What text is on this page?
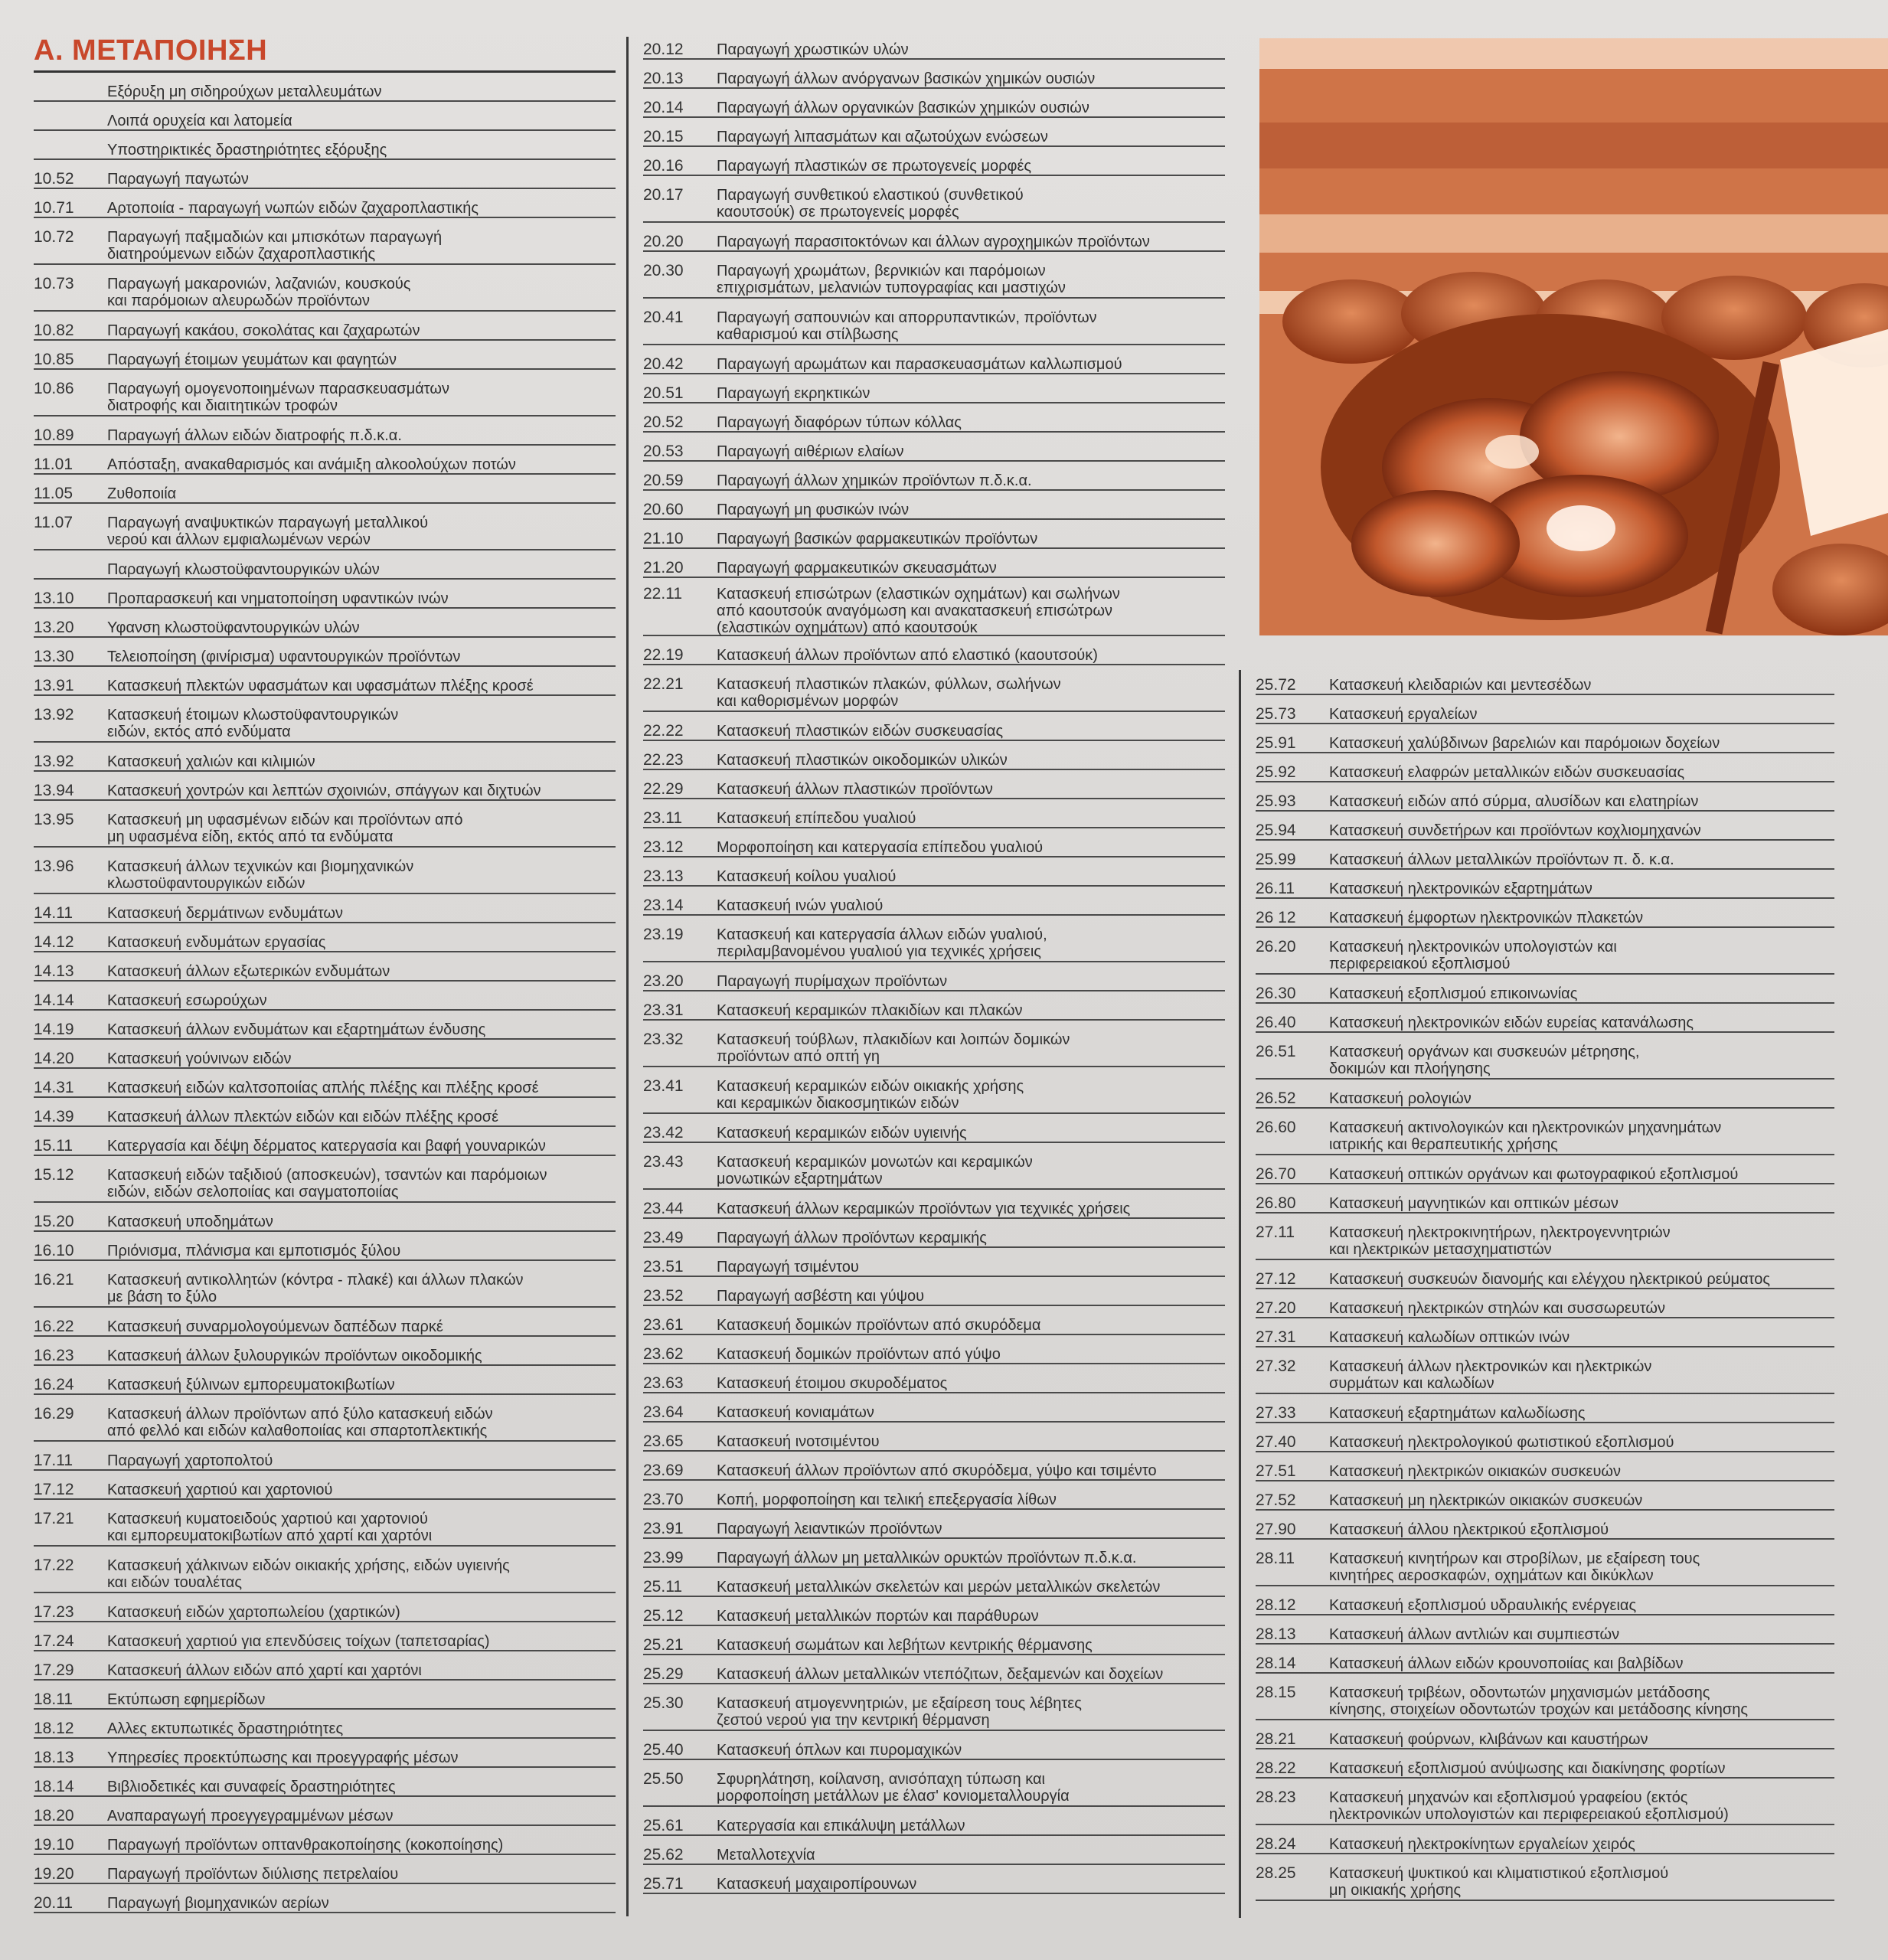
Α. ΜΕΤΑΠΟΙΗΣΗ
Εξόρυξη μη σιδηρούχων μεταλλευμάτων
Λοιπά ορυχεία και λατομεία
Υποστηρικτικές δραστηριότητες εξόρυξης
10.52	Παραγωγή παγωτών
10.71	Αρτοποιία - παραγωγή νωπών ειδών ζαχαροπλαστικής
10.72	Παραγωγή παξιμαδιών και μπισκότων παραγωγή
διατηρούμενων ειδών ζαχαροπλαστικής
10.73	Παραγωγή μακαρονιών, λαζανιών, κουσκούς
και παρόμοιων αλευρωδών προϊόντων
10.82	Παραγωγή κακάου, σοκολάτας και ζαχαρωτών
10.85	Παραγωγή έτοιμων γευμάτων και φαγητών
10.86	Παραγωγή ομογενοποιημένων παρασκευασμάτων
διατροφής και διαιτητικών τροφών
10.89	Παραγωγή άλλων ειδών διατροφής π.δ.κ.α.
11.01	Απόσταξη, ανακαθαρισμός και ανάμιξη αλκοολούχων ποτών
11.05	Ζυθοποιία
11.07	Παραγωγή αναψυκτικών παραγωγή μεταλλικού
νερού και άλλων εμφιαλωμένων νερών
Παραγωγή κλωστοϋφαντουργικών υλών
13.10	Προπαρασκευή και νηματοποίηση υφαντικών ινών
13.20	Υφανση κλωστοϋφαντουργικών υλών
13.30	Τελειοποίηση (φινίρισμα) υφαντουργικών προϊόντων
13.91	Κατασκευή πλεκτών υφασμάτων και υφασμάτων πλέξης κροσέ
13.92	Κατασκευή έτοιμων κλωστοϋφαντουργικών
ειδών, εκτός από ενδύματα
13.92	Κατασκευή χαλιών και κιλιμιών
13.94	Κατασκευή χοντρών και λεπτών σχοινιών, σπάγγων και διχτυών
13.95	Κατασκευή μη υφασμένων ειδών και προϊόντων από
μη υφασμένα είδη, εκτός από τα ενδύματα
13.96	Κατασκευή άλλων τεχνικών και βιομηχανικών
κλωστοϋφαντουργικών ειδών
14.11	Κατασκευή δερμάτινων ενδυμάτων
14.12	Κατασκευή ενδυμάτων εργασίας
14.13	Κατασκευή άλλων εξωτερικών ενδυμάτων
14.14	Κατασκευή εσωρούχων
14.19	Κατασκευή άλλων ενδυμάτων και εξαρτημάτων ένδυσης
14.20	Κατασκευή γούνινων ειδών
14.31	Κατασκευή ειδών καλτσοποιίας απλής πλέξης και πλέξης κροσέ
14.39	Κατασκευή άλλων πλεκτών ειδών και ειδών πλέξης κροσέ
15.11	Κατεργασία και δέψη δέρματος κατεργασία και βαφή γουναρικών
15.12	Κατασκευή ειδών ταξιδιού (αποσκευών), τσαντών και παρόμοιων
ειδών, ειδών σελοποιίας και σαγματοποιίας
15.20	Κατασκευή υποδημάτων
16.10	Πριόνισμα, πλάνισμα και εμποτισμός ξύλου
16.21	Κατασκευή αντικολλητών (κόντρα - πλακέ) και άλλων πλακών
με βάση το ξύλο
16.22	Κατασκευή συναρμολογούμενων δαπέδων παρκέ
16.23	Κατασκευή άλλων ξυλουργικών προϊόντων οικοδομικής
16.24	Κατασκευή ξύλινων εμπορευματοκιβωτίων
16.29	Κατασκευή άλλων προϊόντων από ξύλο κατασκευή ειδών
από φελλό και ειδών καλαθοποιίας και σπαρτοπλεκτικής
17.11	Παραγωγή χαρτοπολτού
17.12	Κατασκευή χαρτιού και χαρτονιού
17.21	Κατασκευή κυματοειδούς χαρτιού και χαρτονιού
και εμπορευματοκιβωτίων από χαρτί και χαρτόνι
17.22	Κατασκευή χάλκινων ειδών οικιακής χρήσης, ειδών υγιεινής
και ειδών τουαλέτας
17.23	Κατασκευή ειδών χαρτοπωλείου (χαρτικών)
17.24	Κατασκευή χαρτιού για επενδύσεις τοίχων (ταπετσαρίας)
17.29	Κατασκευή άλλων ειδών από χαρτί και χαρτόνι
18.11	Εκτύπωση εφημερίδων
18.12	Αλλες εκτυπωτικές δραστηριότητες
18.13	Υπηρεσίες προεκτύπωσης και προεγγραφής μέσων
18.14	Βιβλιοδετικές και συναφείς δραστηριότητες
18.20	Αναπαραγωγή προεγγεγραμμένων μέσων
19.10	Παραγωγή προϊόντων οπτανθρακοποίησης (κοκοποίησης)
19.20	Παραγωγή προϊόντων διύλισης πετρελαίου
20.11	Παραγωγή βιομηχανικών αερίων
20.12	Παραγωγή χρωστικών υλών
20.13	Παραγωγή άλλων ανόργανων βασικών χημικών ουσιών
20.14	Παραγωγή άλλων οργανικών βασικών χημικών ουσιών
20.15	Παραγωγή λιπασμάτων και αζωτούχων ενώσεων
20.16	Παραγωγή πλαστικών σε πρωτογενείς μορφές
20.17	Παραγωγή συνθετικού ελαστικού (συνθετικού
καουτσούκ) σε πρωτογενείς μορφές
20.20	Παραγωγή παρασιτοκτόνων και άλλων αγροχημικών προϊόντων
20.30	Παραγωγή χρωμάτων, βερνικιών και παρόμοιων
επιχρισμάτων, μελανιών τυπογραφίας και μαστιχών
20.41	Παραγωγή σαπουνιών και απορρυπαντικών, προϊόντων
καθαρισμού και στίλβωσης
20.42	Παραγωγή αρωμάτων και παρασκευασμάτων καλλωπισμού
20.51	Παραγωγή εκρηκτικών
20.52	Παραγωγή διαφόρων τύπων κόλλας
20.53	Παραγωγή αιθέριων ελαίων
20.59	Παραγωγή άλλων χημικών προϊόντων π.δ.κ.α.
20.60	Παραγωγή μη φυσικών ινών
21.10	Παραγωγή βασικών φαρμακευτικών προϊόντων
21.20	Παραγωγή φαρμακευτικών σκευασμάτων
22.11	Κατασκευή επισώτρων (ελαστικών οχημάτων) και σωλήνων
από καουτσούκ αναγόμωση και ανακατασκευή επισώτρων
(ελαστικών οχημάτων) από καουτσούκ
22.19	Κατασκευή άλλων προϊόντων από ελαστικό (καουτσούκ)
22.21	Κατασκευή πλαστικών πλακών, φύλλων, σωλήνων
και καθορισμένων μορφών
22.22	Κατασκευή πλαστικών ειδών συσκευασίας
22.23	Κατασκευή πλαστικών οικοδομικών υλικών
22.29	Κατασκευή άλλων πλαστικών προϊόντων
23.11	Κατασκευή επίπεδου γυαλιού
23.12	Μορφοποίηση και κατεργασία επίπεδου γυαλιού
23.13	Κατασκευή κοίλου γυαλιού
23.14	Κατασκευή ινών γυαλιού
23.19	Κατασκευή και κατεργασία άλλων ειδών γυαλιού,
περιλαμβανομένου γυαλιού για τεχνικές χρήσεις
23.20	Παραγωγή πυρίμαχων προϊόντων
23.31	Κατασκευή κεραμικών πλακιδίων και πλακών
23.32	Κατασκευή τούβλων, πλακιδίων και λοιπών δομικών
προϊόντων από οπτή γη
23.41	Κατασκευή κεραμικών ειδών οικιακής χρήσης
και κεραμικών διακοσμητικών ειδών
23.42	Κατασκευή κεραμικών ειδών υγιεινής
23.43	Κατασκευή κεραμικών μονωτών και κεραμικών
μονωτικών εξαρτημάτων
23.44	Κατασκευή άλλων κεραμικών προϊόντων για τεχνικές χρήσεις
23.49	Παραγωγή άλλων προϊόντων κεραμικής
23.51	Παραγωγή τσιμέντου
23.52	Παραγωγή ασβέστη και γύψου
23.61	Κατασκευή δομικών προϊόντων από σκυρόδεμα
23.62	Κατασκευή δομικών προϊόντων από γύψο
23.63	Κατασκευή έτοιμου σκυροδέματος
23.64	Κατασκευή κονιαμάτων
23.65	Κατασκευή ινοτσιμέντου
23.69	Κατασκευή άλλων προϊόντων από σκυρόδεμα, γύψο και τσιμέντο
23.70	Κοπή, μορφοποίηση και τελική επεξεργασία λίθων
23.91	Παραγωγή λειαντικών προϊόντων
23.99	Παραγωγή άλλων μη μεταλλικών ορυκτών προϊόντων π.δ.κ.α.
25.11	Κατασκευή μεταλλικών σκελετών και μερών μεταλλικών σκελετών
25.12	Κατασκευή μεταλλικών πορτών και παράθυρων
25.21	Κατασκευή σωμάτων και λεβήτων κεντρικής θέρμανσης
25.29	Κατασκευή άλλων μεταλλικών ντεπόζιτων, δεξαμενών και δοχείων
25.30	Κατασκευή ατμογεννητριών, με εξαίρεση τους λέβητες
ζεστού νερού για την κεντρική θέρμανση
25.40	Κατασκευή όπλων και πυρομαχικών
25.50	Σφυρηλάτηση, κοίλανση, ανισόπαχη τύπωση και
μορφοποίηση μετάλλων με έλασ' κονιομεταλλουργία
25.61	Κατεργασία και επικάλυψη μετάλλων
25.62	Μεταλλοτεχνία
25.71	Κατασκευή μαχαιροπίρουνων
25.72	Κατασκευή κλειδαριών και μεντεσέδων
25.73	Κατασκευή εργαλείων
25.91	Κατασκευή χαλύβδινων βαρελιών και παρόμοιων δοχείων
25.92	Κατασκευή ελαφρών μεταλλικών ειδών συσκευασίας
25.93	Κατασκευή ειδών από σύρμα, αλυσίδων και ελατηρίων
25.94	Κατασκευή συνδετήρων και προϊόντων κοχλιομηχανών
25.99	Κατασκευή άλλων μεταλλικών προϊόντων π. δ. κ.α.
26.11	Κατασκευή ηλεκτρονικών εξαρτημάτων
26 12	Κατασκευή έμφορτων ηλεκτρονικών πλακετών
26.20	Κατασκευή ηλεκτρονικών υπολογιστών και
περιφερειακού εξοπλισμού
26.30	Κατασκευή εξοπλισμού επικοινωνίας
26.40	Κατασκευή ηλεκτρονικών ειδών ευρείας κατανάλωσης
26.51	Κατασκευή οργάνων και συσκευών μέτρησης,
δοκιμών και πλοήγησης
26.52	Κατασκευή ρολογιών
26.60	Κατασκευή ακτινολογικών και ηλεκτρονικών μηχανημάτων
ιατρικής και θεραπευτικής χρήσης
26.70	Κατασκευή οπτικών οργάνων και φωτογραφικού εξοπλισμού
26.80	Κατασκευή μαγνητικών και οπτικών μέσων
27.11	Κατασκευή ηλεκτροκινητήρων, ηλεκτρογεννητριών
και ηλεκτρικών μετασχηματιστών
27.12	Κατασκευή συσκευών διανομής και ελέγχου ηλεκτρικού ρεύματος
27.20	Κατασκευή ηλεκτρικών στηλών και συσσωρευτών
27.31	Κατασκευή καλωδίων οπτικών ινών
27.32	Κατασκευή άλλων ηλεκτρονικών και ηλεκτρικών
συρμάτων και καλωδίων
27.33	Κατασκευή εξαρτημάτων καλωδίωσης
27.40	Κατασκευή ηλεκτρολογικού φωτιστικού εξοπλισμού
27.51	Κατασκευή ηλεκτρικών οικιακών συσκευών
27.52	Κατασκευή μη ηλεκτρικών οικιακών συσκευών
27.90	Κατασκευή άλλου ηλεκτρικού εξοπλισμού
28.11	Κατασκευή κινητήρων και στροβίλων, με εξαίρεση τους
κινητήρες αεροσκαφών, οχημάτων και δικύκλων
28.12	Κατασκευή εξοπλισμού υδραυλικής ενέργειας
28.13	Κατασκευή άλλων αντλιών και συμπιεστών
28.14	Κατασκευή άλλων ειδών κρουνοποιίας και βαλβίδων
28.15	Κατασκευή τριβέων, οδοντωτών μηχανισμών μετάδοσης
κίνησης, στοιχείων οδοντωτών τροχών και μετάδοσης κίνησης
28.21	Κατασκευή φούρνων, κλιβάνων και καυστήρων
28.22	Κατασκευή εξοπλισμού ανύψωσης και διακίνησης φορτίων
28.23	Κατασκευή μηχανών και εξοπλισμού γραφείου (εκτός
ηλεκτρονικών υπολογιστών και περιφερειακού εξοπλισμού)
28.24	Κατασκευή ηλεκτροκίνητων εργαλείων χειρός
28.25	Κατασκευή ψυκτικού και κλιματιστικού εξοπλισμού
μη οικιακής χρήσης
